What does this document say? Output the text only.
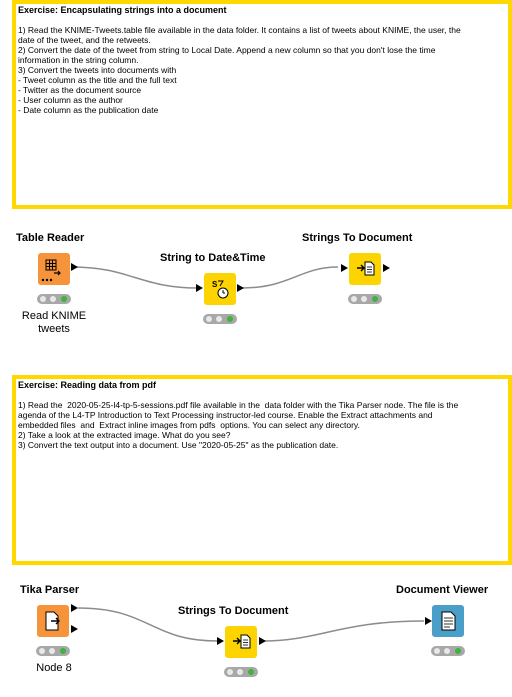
Exercise: Encapsulating strings into a document
1) Read the KNIME-Tweets.table file available in the data folder. It contains a list of tweets about KNIME, the user, the
date of the tweet, and the retweets.
2) Convert the date of the tweet from string to Local Date. Append a new column so that you don't lose the time
information in the string column.
3) Convert the tweets into documents with
- Tweet column as the title and the full text
- Twitter as the document source
- User column as the author
- Date column as the publication date
Table Reader
Read KNIME
tweets
String to Date&Time
S
Strings To Document
Exercise: Reading data from pdf
1) Read the  2020-05-25-l4-tp-5-sessions.pdf file available in the  data folder with the Tika Parser node. The file is the
agenda of the L4-TP Introduction to Text Processing instructor-led course. Enable the Extract attachments and
embedded files  and  Extract inline images from pdfs  options. You can select any directory.
2) Take a look at the extracted image. What do you see?
3) Convert the text output into a document. Use "2020-05-25" as the publication date.
Tika Parser
Node 8
Strings To Document
Document Viewer
